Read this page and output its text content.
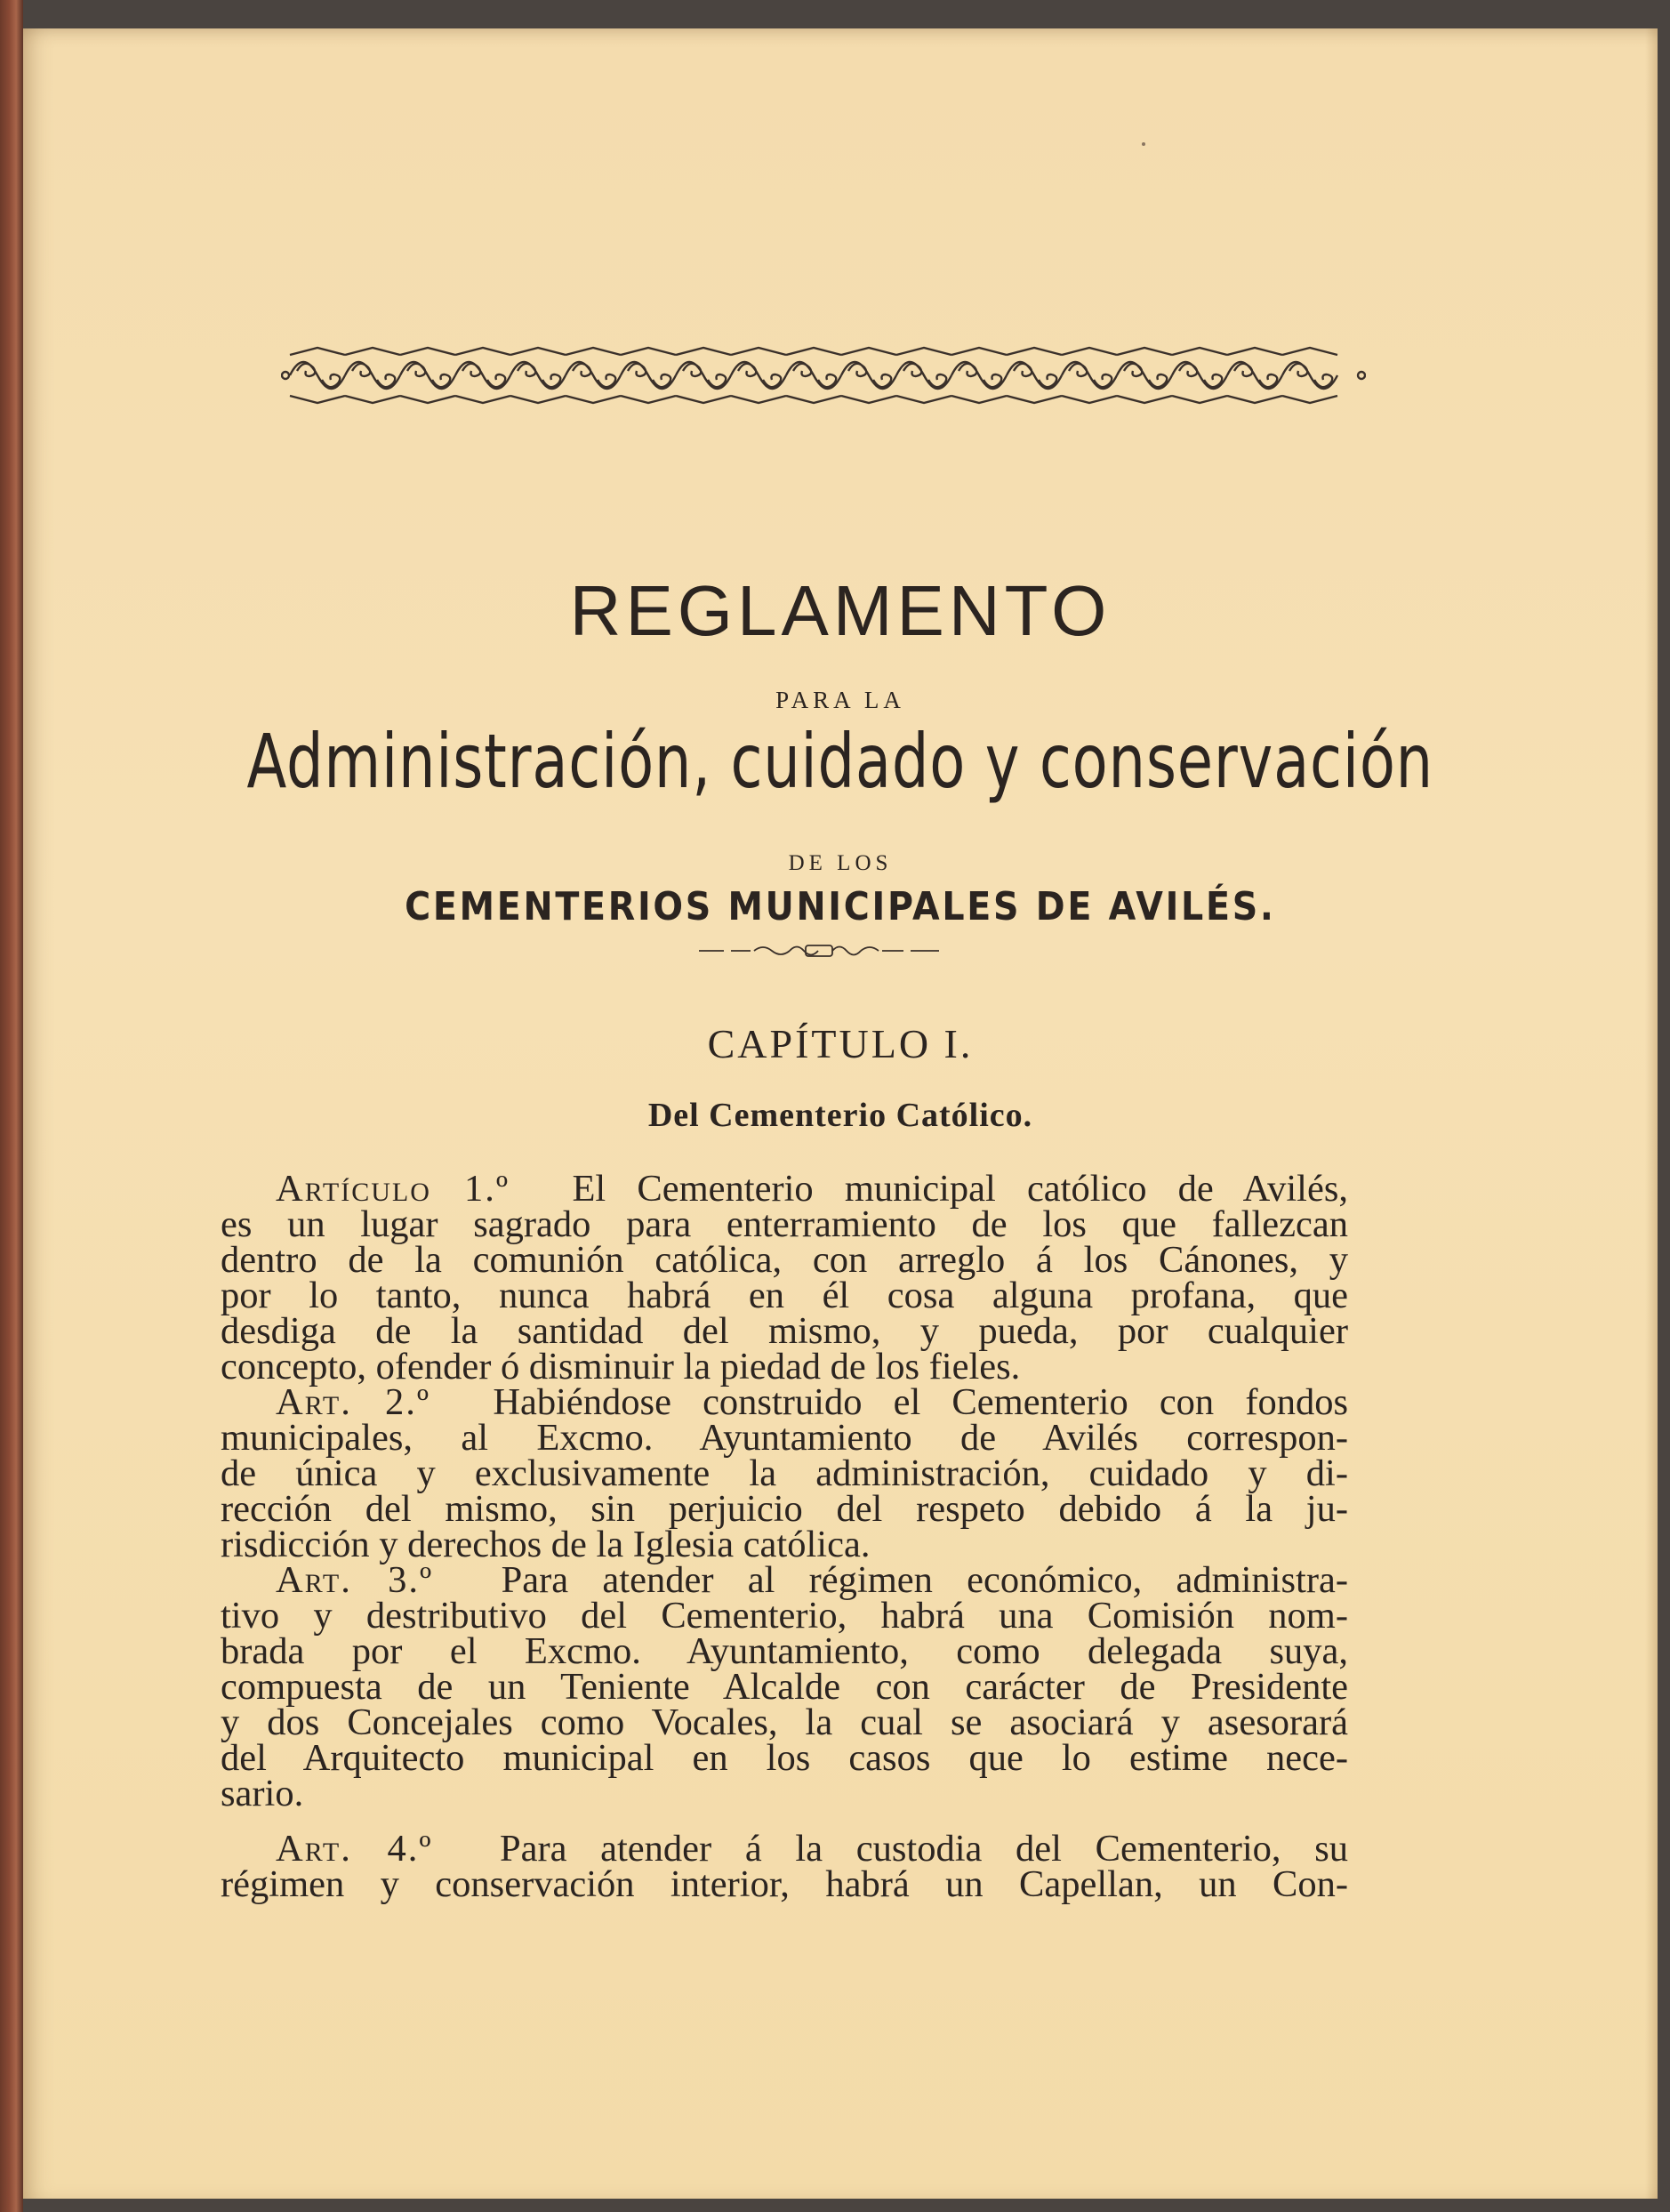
REGLAMENTO
PARA LA
Administración, cuidado y conservación
DE LOS
CEMENTERIOS MUNICIPALES DE AVILÉS.
CAPÍTULO I.
Del Cementerio Católico.
Artículo 1.º El Cementerio municipal católico de Avilés,
es un lugar sagrado para enterramiento de los que fallezcan
dentro de la comunión católica, con arreglo á los Cánones, y
por lo tanto, nunca habrá en él cosa alguna profana, que
desdiga de la santidad del mismo, y pueda, por cualquier
concepto, ofender ó disminuir la piedad de los fieles.
Art. 2.º Habiéndose construido el Cementerio con fondos
municipales, al Excmo. Ayuntamiento de Avilés correspon-
de única y exclusivamente la administración, cuidado y di-
rección del mismo, sin perjuicio del respeto debido á la ju-
risdicción y derechos de la Iglesia católica.
Art. 3.º Para atender al régimen económico, administra-
tivo y destributivo del Cementerio, habrá una Comisión nom-
brada por el Excmo. Ayuntamiento, como delegada suya,
compuesta de un Teniente Alcalde con carácter de Presidente
y dos Concejales como Vocales, la cual se asociará y asesorará
del Arquitecto municipal en los casos que lo estime nece-
sario.
Art. 4.º Para atender á la custodia del Cementerio, su
régimen y conservación interior, habrá un Capellan, un Con-
